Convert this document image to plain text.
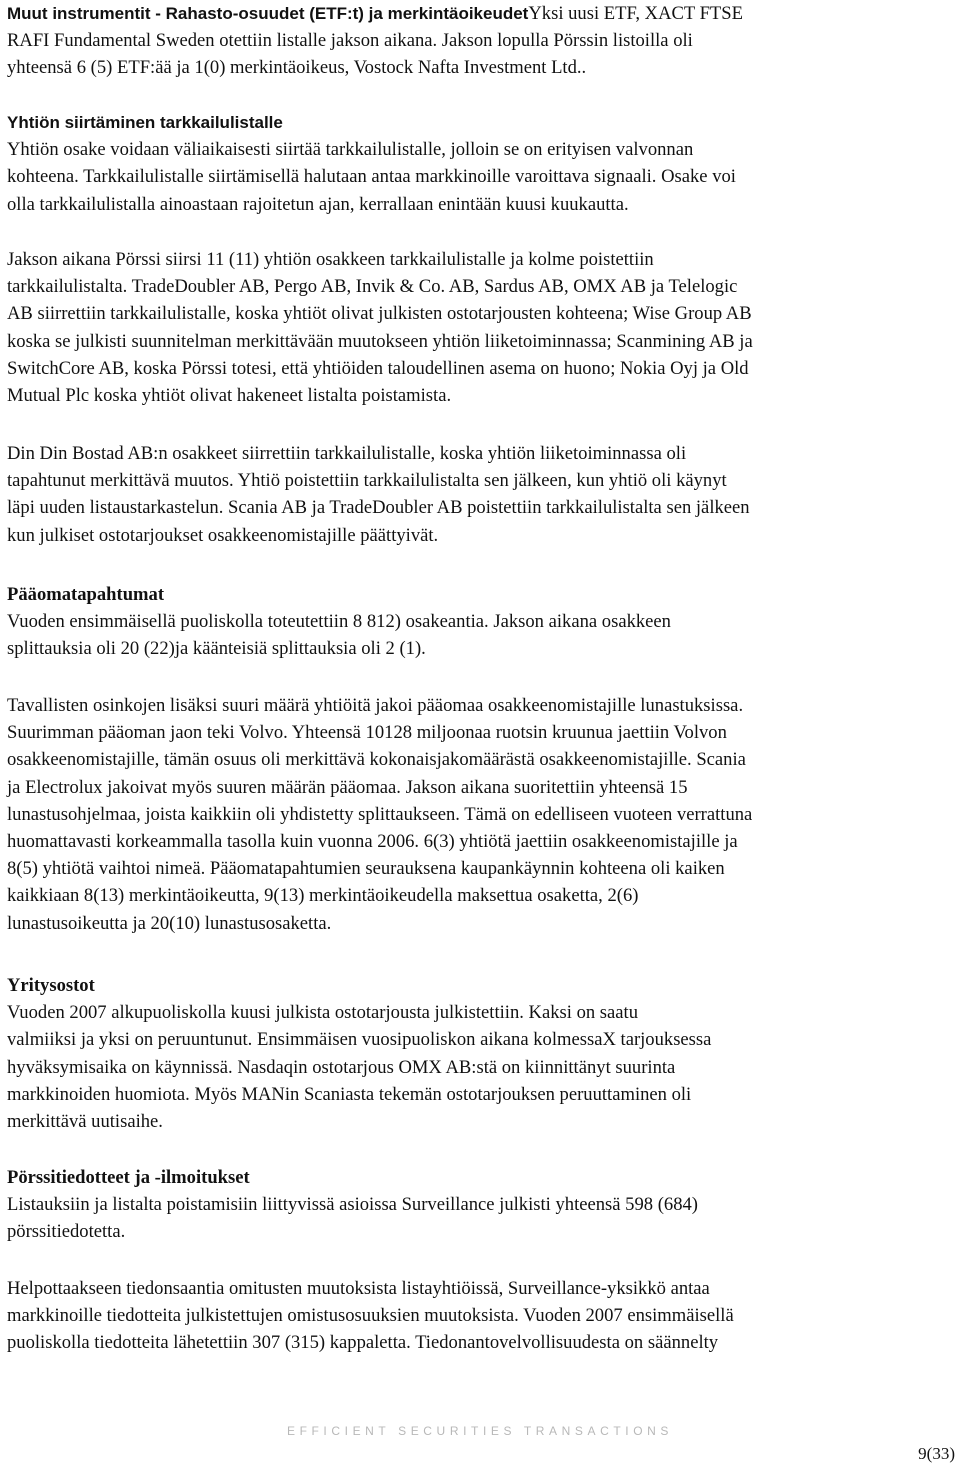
Muut instrumentit - Rahasto-osuudet (ETF:t) ja merkintäoikeudetYksi uusi ETF, XACT FTSE
RAFI Fundamental Sweden otettiin listalle jakson aikana. Jakson lopulla Pörssin listoilla oli
yhteensä 6 (5) ETF:ää ja 1(0) merkintäoikeus, Vostock Nafta Investment Ltd..

Yhtiön siirtäminen tarkkailulistalle

Yhtiön osake voidaan väliaikaisesti siirtää tarkkailulistalle, jolloin se on erityisen valvonnan
kohteena. Tarkkailulistalle siirtämisellä halutaan antaa markkinoille varoittava signaali. Osake voi
olla tarkkailulistalla ainoastaan rajoitetun ajan, kerrallaan enintään kuusi kuukautta.

Jakson aikana Pörssi siirsi 11 (11) yhtiön osakkeen tarkkailulistalle ja kolme poistettiin
tarkkailulistalta. TradeDoubler AB, Pergo AB, Invik & Co. AB, Sardus AB, OMX AB ja Telelogic
AB siirrettiin tarkkailulistalle, koska yhtiöt olivat julkisten ostotarjousten kohteena; Wise Group AB
koska se julkisti suunnitelman merkittävään muutokseen yhtiön liiketoiminnassa; Scanmining AB ja
SwitchCore AB, koska Pörssi totesi, että yhtiöiden taloudellinen asema on huono; Nokia Oyj ja Old
Mutual Plc koska yhtiöt olivat hakeneet listalta poistamista.

Din Din Bostad AB:n osakkeet siirrettiin tarkkailulistalle, koska yhtiön liiketoiminnassa oli
tapahtunut merkittävä muutos. Yhtiö poistettiin tarkkailulistalta sen jälkeen, kun yhtiö oli käynyt
läpi uuden listaustarkastelun. Scania AB ja TradeDoubler AB poistettiin tarkkailulistalta sen jälkeen
kun julkiset ostotarjoukset osakkeenomistajille päättyivät.

Pääomatapahtumat

Vuoden ensimmäisellä puoliskolla toteutettiin 8 812) osakeantia. Jakson aikana osakkeen
splittauksia oli 20 (22)ja käänteisiä splittauksia oli 2 (1).

Tavallisten osinkojen lisäksi suuri määrä yhtiöitä jakoi pääomaa osakkeenomistajille lunastuksissa.
Suurimman pääoman jaon teki Volvo. Yhteensä 10128 miljoonaa ruotsin kruunua jaettiin Volvon
osakkeenomistajille, tämän osuus oli merkittävä kokonaisjakomäärästä osakkeenomistajille. Scania
ja Electrolux jakoivat myös suuren määrän pääomaa. Jakson aikana suoritettiin yhteensä 15
lunastusohjelmaa, joista kaikkiin oli yhdistetty splittaukseen. Tämä on edelliseen vuoteen verrattuna
huomattavasti korkeammalla tasolla kuin vuonna 2006. 6(3) yhtiötä jaettiin osakkeenomistajille ja
8(5) yhtiötä vaihtoi nimeä. Pääomatapahtumien seurauksena kaupankäynnin kohteena oli kaiken
kaikkiaan 8(13) merkintäoikeutta, 9(13) merkintäoikeudella maksettua osaketta, 2(6)
lunastusoikeutta ja 20(10) lunastusosaketta.

Yritysostot

Vuoden 2007 alkupuoliskolla kuusi julkista ostotarjousta julkistettiin. Kaksi on saatu
valmiiksi ja yksi on peruuntunut. Ensimmäisen vuosipuoliskon aikana kolmessaX tarjouksessa
hyväksymisaika on käynnissä. Nasdaqin ostotarjous OMX AB:stä on kiinnittänyt suurinta
markkinoiden huomiota. Myös MANin Scaniasta tekemän ostotarjouksen peruuttaminen oli
merkittävä uutisaihe.

Pörssitiedotteet ja -ilmoitukset

Listauksiin ja listalta poistamisiin liittyvissä asioissa Surveillance julkisti yhteensä 598 (684)
pörssitiedotetta.

Helpottaakseen tiedonsaantia omitusten muutoksista listayhtiöissä, Surveillance-yksikkö antaa
markkinoille tiedotteita julkistettujen omistusosuuksien muutoksista. Vuoden 2007 ensimmäisellä
puoliskolla tiedotteita lähetettiin 307 (315) kappaletta. Tiedonantovelvollisuudesta on säännelty

EFFICIENT SECURITIES TRANSACTIONS
9(33)
